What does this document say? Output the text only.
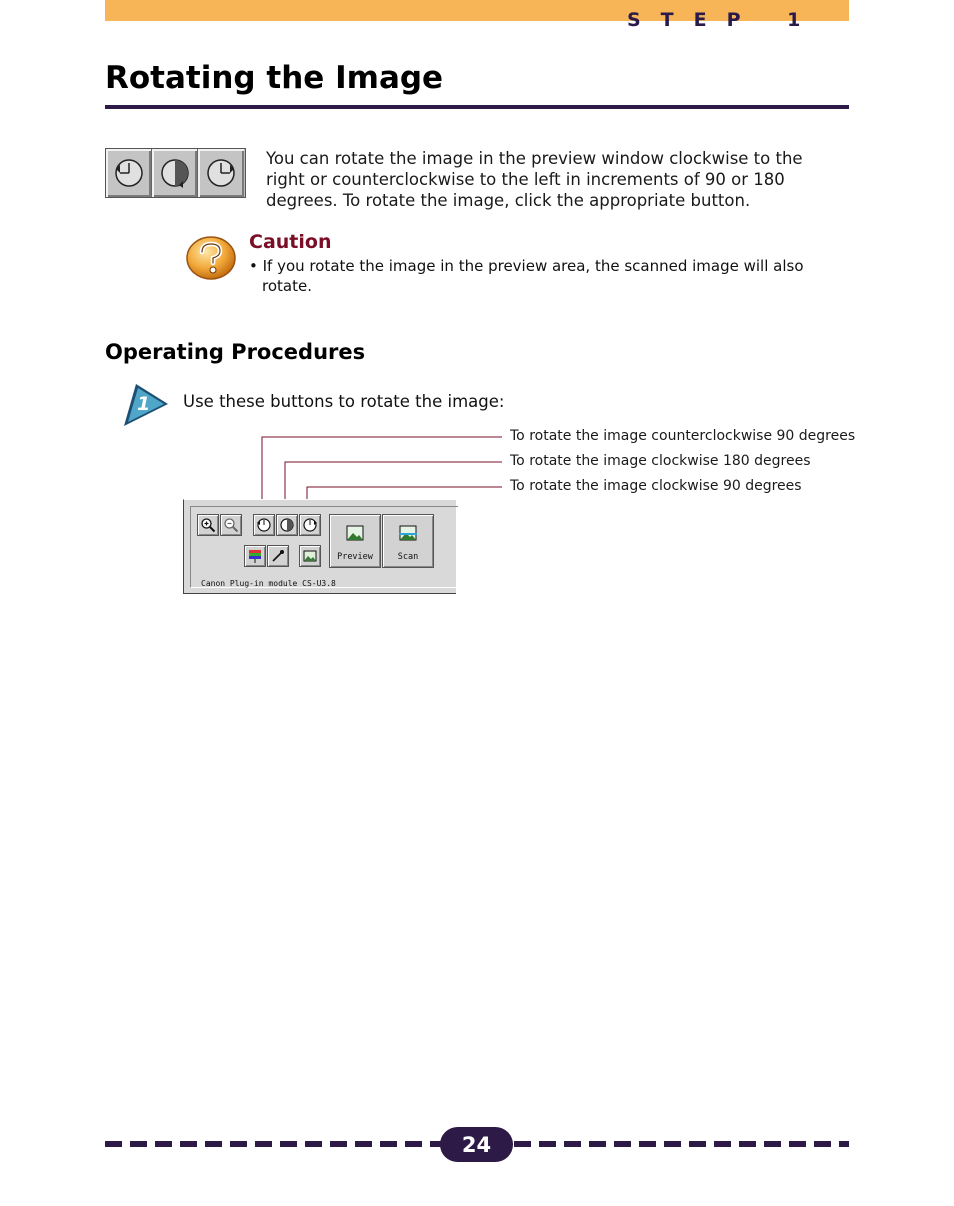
STEP 1
Rotating the Image

You can rotate the image in the preview window clockwise to the right or counterclockwise to the left in increments of 90 or 180 degrees. To rotate the image, click the appropriate button.

Caution

• If you rotate the image in the preview area, the scanned image will also rotate.

Operating Procedures
1 Use these buttons to rotate the image:
To rotate the image counterclockwise 90 degrees
To rotate the image clockwise 180 degrees
To rotate the image clockwise 90 degrees
Preview	Scan
Canon Plug-in module CS-U3.8
24
